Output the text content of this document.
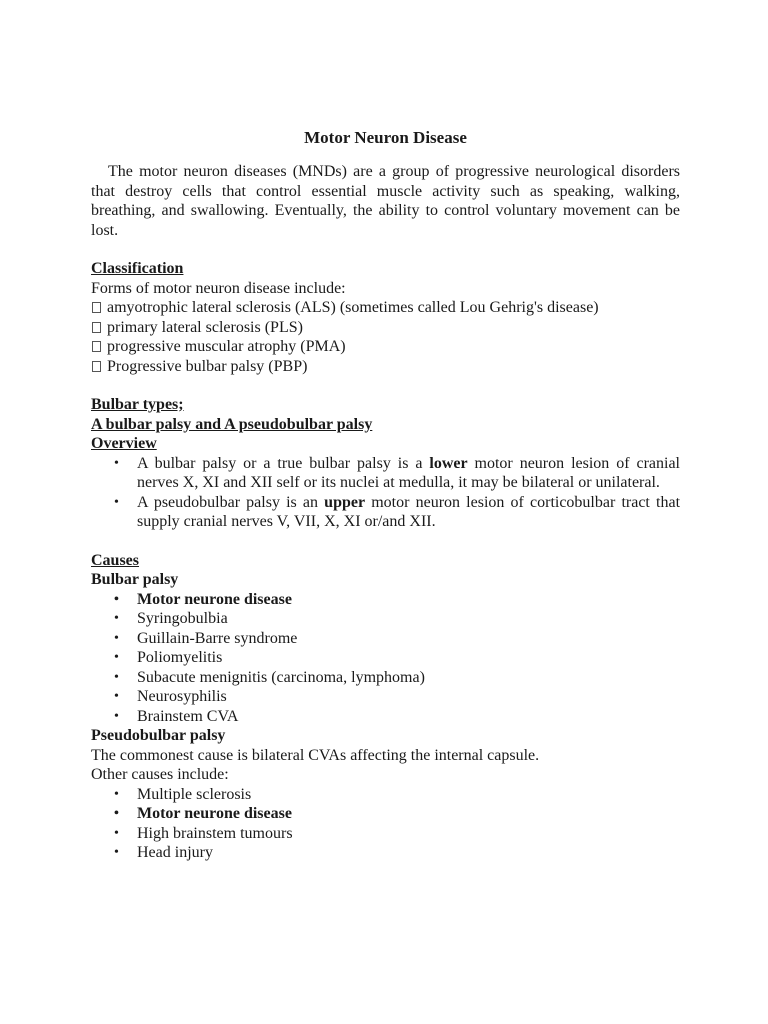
Motor Neuron Disease

The motor neuron diseases (MNDs) are a group of progressive neurological disorders that destroy cells that control essential muscle activity such as speaking, walking, breathing, and swallowing. Eventually, the ability to control voluntary movement can be lost.

Classification

Forms of motor neuron disease include:

amyotrophic lateral sclerosis (ALS) (sometimes called Lou Gehrig's disease)
primary lateral sclerosis (PLS)
progressive muscular atrophy (PMA)
Progressive bulbar palsy (PBP)

Bulbar types;

A bulbar palsy and A pseudobulbar palsy

Overview

• A bulbar palsy or a true bulbar palsy is a lower motor neuron lesion of cranial nerves X, XI and XII self or its nuclei at medulla, it may be bilateral or unilateral.
• A pseudobulbar palsy is an upper motor neuron lesion of corticobulbar tract that supply cranial nerves V, VII, X, XI or/and XII.

Causes

Bulbar palsy

• Motor neurone disease
• Syringobulbia
• Guillain-Barre syndrome
• Poliomyelitis
• Subacute menignitis (carcinoma, lymphoma)
• Neurosyphilis
• Brainstem CVA

Pseudobulbar palsy

The commonest cause is bilateral CVAs affecting the internal capsule.

Other causes include:

• Multiple sclerosis
• Motor neurone disease
• High brainstem tumours
• Head injury
